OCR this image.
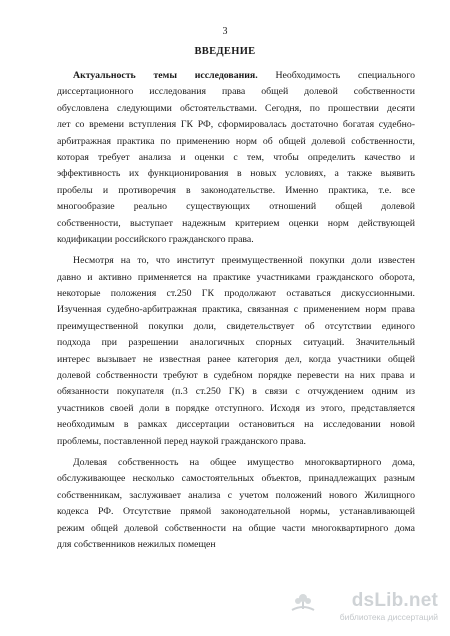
3
ВВЕДЕНИЕ
Актуальность темы исследования. Необходимость специального
диссертационного исследования права общей долевой собственности
обусловлена следующими обстоятельствами. Сегодня, по прошествии десяти
лет со времени вступления ГК РФ, сформировалась достаточно богатая судебно-
арбитражная практика по применению норм об общей долевой собственности,
которая требует анализа и оценки с тем, чтобы определить качество и
эффективность их функционирования в новых условиях, а также выявить
пробелы и противоречия в законодательстве. Именно практика, т.е. все
многообразие реально существующих отношений общей долевой
собственности, выступает надежным критерием оценки норм действующей
кодификации российского гражданского права.
Несмотря на то, что институт преимущественной покупки доли известен
давно и активно применяется на практике участниками гражданского оборота,
некоторые положения ст.250 ГК продолжают оставаться дискуссионными.
Изученная судебно-арбитражная практика, связанная с применением норм права
преимущественной покупки доли, свидетельствует об отсутствии единого
подхода при разрешении аналогичных спорных ситуаций. Значительный
интерес вызывает не известная ранее категория дел, когда участники общей
долевой собственности требуют в судебном порядке перевести на них права и
обязанности покупателя (п.3 ст.250 ГК) в связи с отчуждением одним из
участников своей доли в порядке отступного. Исходя из этого, представляется
необходимым в рамках диссертации остановиться на исследовании новой
проблемы, поставленной перед наукой гражданского права.
Долевая собственность на общее имущество многоквартирного дома,
обслуживающее несколько самостоятельных объектов, принадлежащих разным
собственникам, заслуживает анализа с учетом положений нового Жилищного
кодекса РФ. Отсутствие прямой законодательной нормы, устанавливающей
режим общей долевой собственности на общие части многоквартирного дома
для собственников нежилых помещен
dsLib.net
библиотека диссертаций
